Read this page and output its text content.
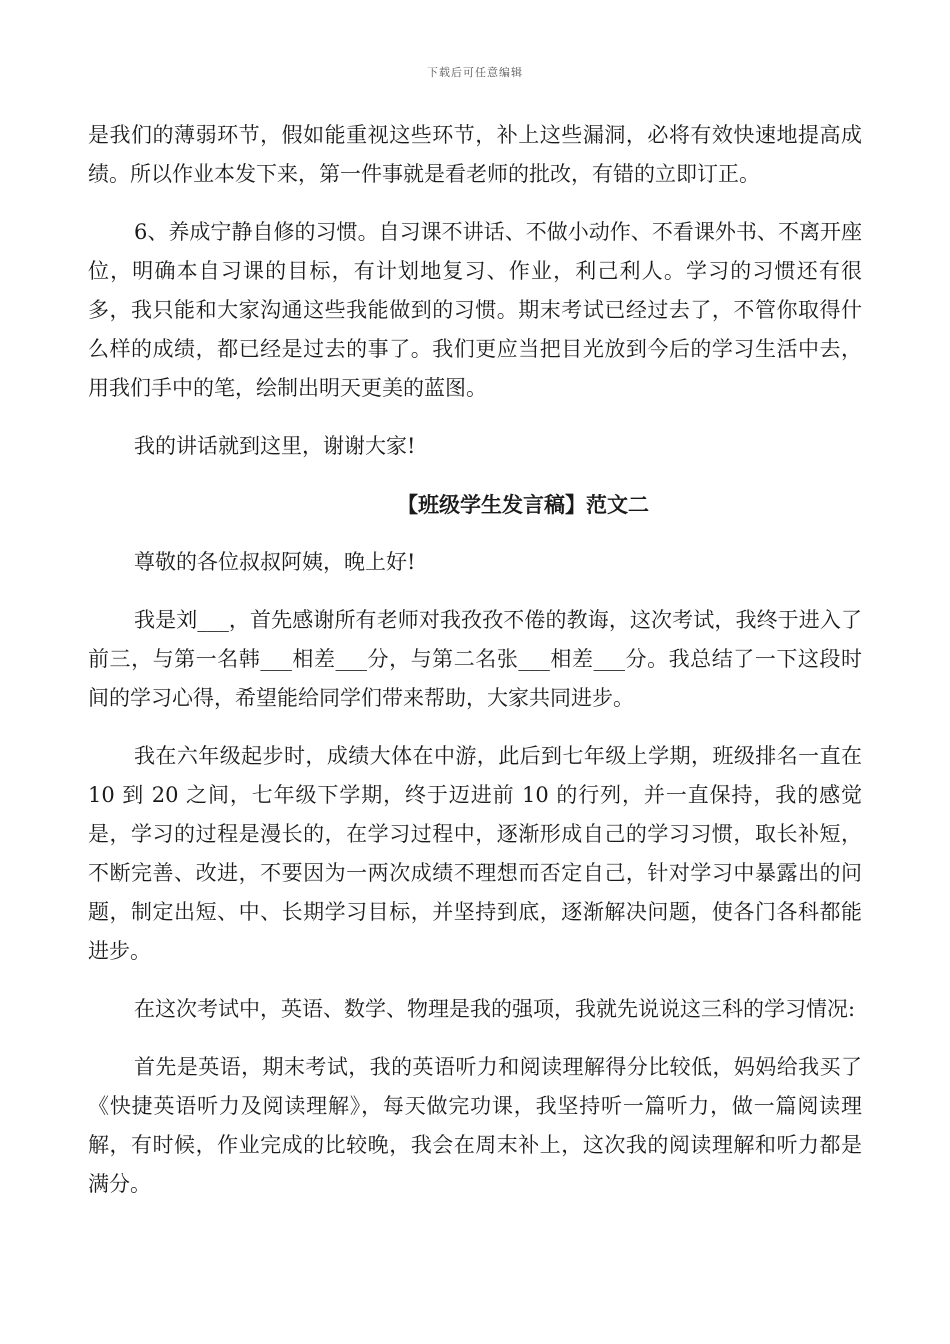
下载后可任意编辑

是我们的薄弱环节，假如能重视这些环节，补上这些漏洞，必将有效快速地提高成绩。所以作业本发下来，第一件事就是看老师的批改，有错的立即订正。

6、养成宁静自修的习惯。自习课不讲话、不做小动作、不看课外书、不离开座位，明确本自习课的目标，有计划地复习、作业，利己利人。学习的习惯还有很多，我只能和大家沟通这些我能做到的习惯。期末考试已经过去了，不管你取得什么样的成绩，都已经是过去的事了。我们更应当把目光放到今后的学习生活中去，用我们手中的笔，绘制出明天更美的蓝图。

我的讲话就到这里，谢谢大家!

【班级学生发言稿】范文二

尊敬的各位叔叔阿姨，晚上好!

我是刘___，首先感谢所有老师对我孜孜不倦的教诲，这次考试，我终于进入了前三，与第一名韩___相差___分，与第二名张___相差___分。我总结了一下这段时间的学习心得，希望能给同学们带来帮助，大家共同进步。

我在六年级起步时，成绩大体在中游，此后到七年级上学期，班级排名一直在 10 到 20 之间，七年级下学期，终于迈进前 10 的行列，并一直保持，我的感觉是，学习的过程是漫长的，在学习过程中，逐渐形成自己的学习习惯，取长补短，不断完善、改进，不要因为一两次成绩不理想而否定自己，针对学习中暴露出的问题，制定出短、中、长期学习目标，并坚持到底，逐渐解决问题，使各门各科都能进步。

在这次考试中，英语、数学、物理是我的强项，我就先说说这三科的学习情况:

首先是英语，期末考试，我的英语听力和阅读理解得分比较低，妈妈给我买了《快捷英语听力及阅读理解》，每天做完功课，我坚持听一篇听力，做一篇阅读理解，有时候，作业完成的比较晚，我会在周末补上，这次我的阅读理解和听力都是满分。
